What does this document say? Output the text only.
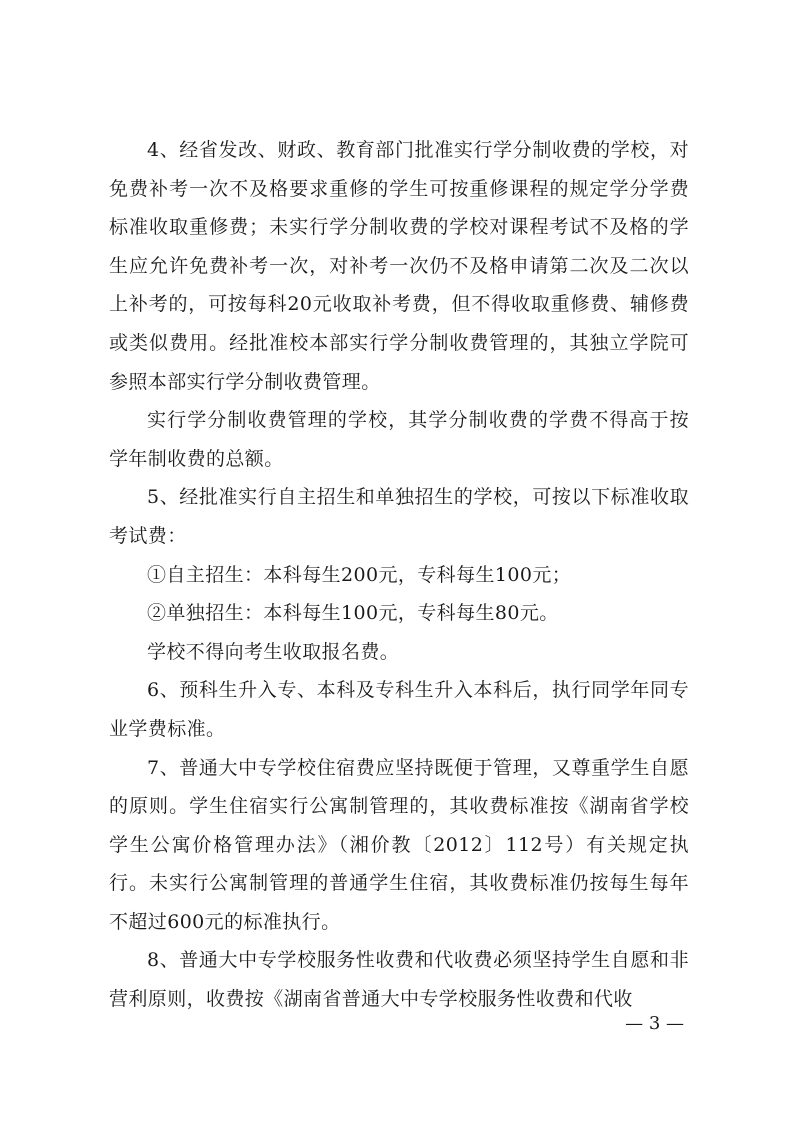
4、经省发改、财政、教育部门批准实行学分制收费的学校，对免费补考一次不及格要求重修的学生可按重修课程的规定学分学费标准收取重修费；未实行学分制收费的学校对课程考试不及格的学生应允许免费补考一次，对补考一次仍不及格申请第二次及二次以上补考的，可按每科20元收取补考费，但不得收取重修费、辅修费或类似费用。经批准校本部实行学分制收费管理的，其独立学院可参照本部实行学分制收费管理。

实行学分制收费管理的学校，其学分制收费的学费不得高于按学年制收费的总额。

5、经批准实行自主招生和单独招生的学校，可按以下标准收取考试费：

①自主招生：本科每生200元，专科每生100元；

②单独招生：本科每生100元，专科每生80元。

学校不得向考生收取报名费。

6、预科生升入专、本科及专科生升入本科后，执行同学年同专业学费标准。

7、普通大中专学校住宿费应坚持既便于管理，又尊重学生自愿的原则。学生住宿实行公寓制管理的，其收费标准按《湖南省学校学生公寓价格管理办法》（湘价教〔2012〕112号）有关规定执行。未实行公寓制管理的普通学生住宿，其收费标准仍按每生每年不超过600元的标准执行。

8、普通大中专学校服务性收费和代收费必须坚持学生自愿和非营利原则，收费按《湖南省普通大中专学校服务性收费和代收

— 3 —
